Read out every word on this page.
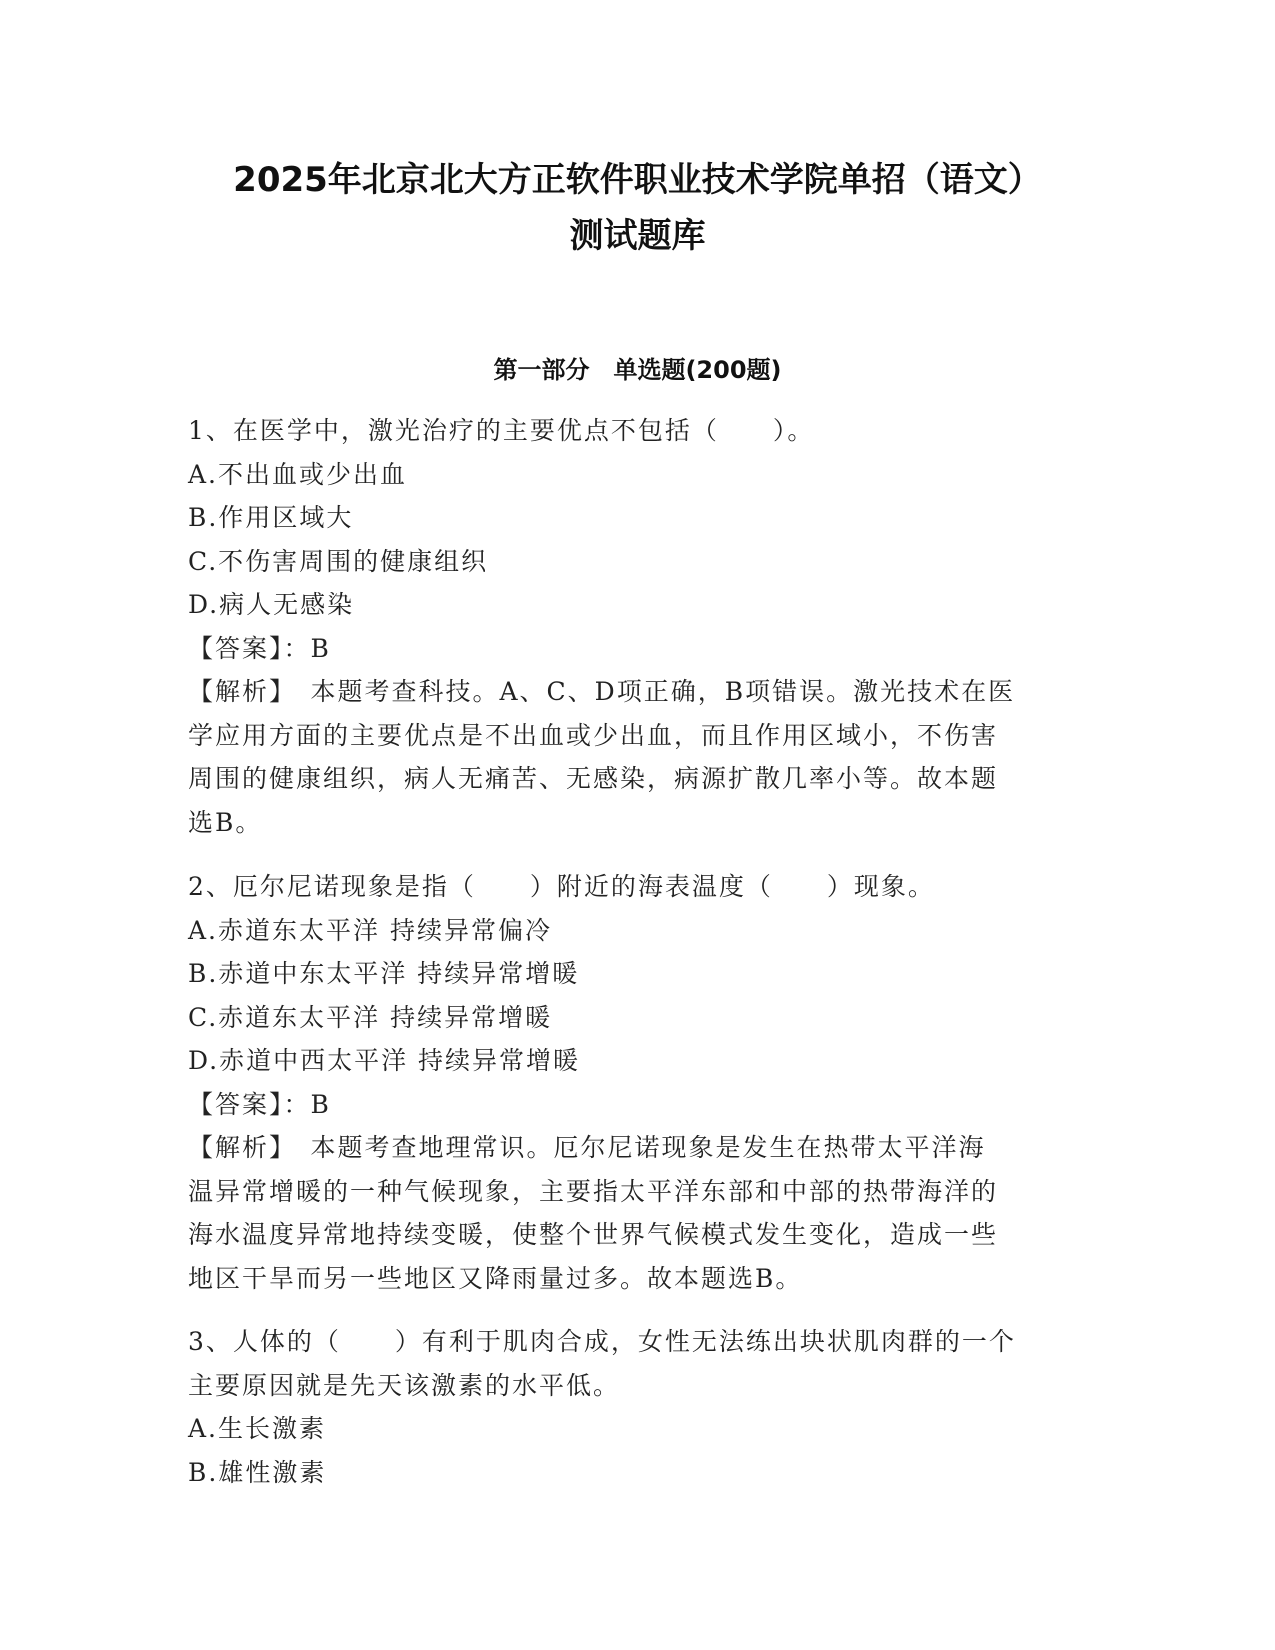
2025年北京北大方正软件职业技术学院单招（语文）
测试题库
第一部分　单选题(200题)

1、在医学中，激光治疗的主要优点不包括（　　）。

A.不出血或少出血

B.作用区域大

C.不伤害周围的健康组织

D.病人无感染

【答案】：B

【解析】　本题考查科技。A、C、D项正确，B项错误。激光技术在医

学应用方面的主要优点是不出血或少出血，而且作用区域小，不伤害

周围的健康组织，病人无痛苦、无感染，病源扩散几率小等。故本题

选B。

2、厄尔尼诺现象是指（　　）附近的海表温度（　　）现象。

A.赤道东太平洋 持续异常偏冷

B.赤道中东太平洋 持续异常增暖

C.赤道东太平洋 持续异常增暖

D.赤道中西太平洋 持续异常增暖

【答案】：B

【解析】　本题考查地理常识。厄尔尼诺现象是发生在热带太平洋海

温异常增暖的一种气候现象，主要指太平洋东部和中部的热带海洋的

海水温度异常地持续变暖，使整个世界气候模式发生变化，造成一些

地区干旱而另一些地区又降雨量过多。故本题选B。

3、人体的（　　）有利于肌肉合成，女性无法练出块状肌肉群的一个

主要原因就是先天该激素的水平低。

A.生长激素

B.雄性激素
